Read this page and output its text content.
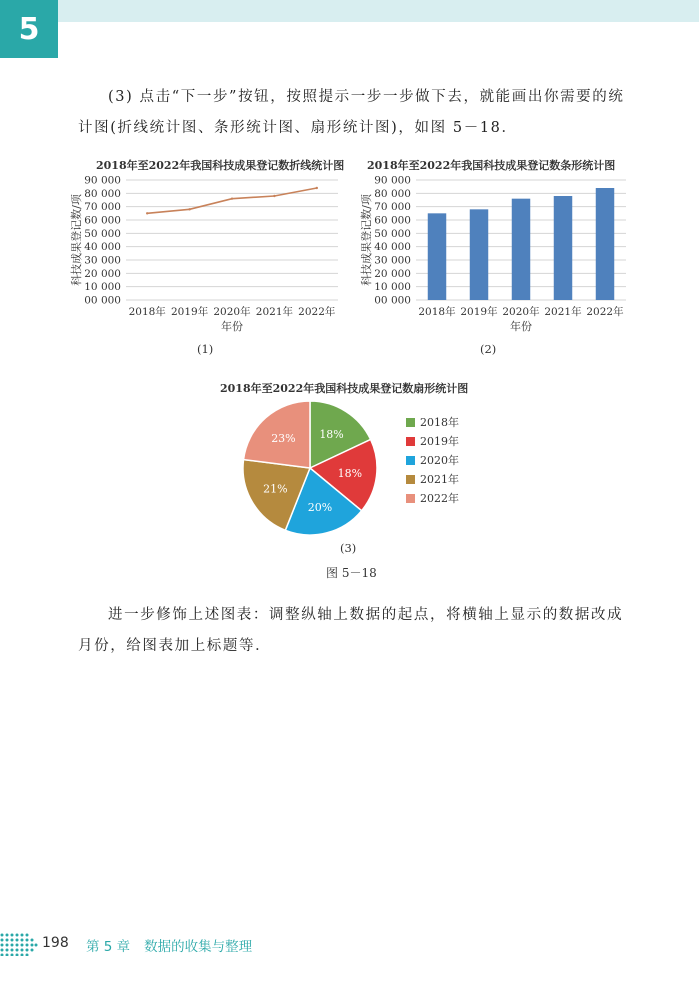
5

(3) 点击“下一步”按钮，按照提示一步一步做下去，就能画出你需要的统计图(折线统计图、条形统计图、扇形统计图)，如图 5－18．

2018年至2022年我国科技成果登记数折线统计图
00 000
10 000
20 000
30 000
40 000
50 000
60 000
70 000
80 000
90 000
2018年 2019年 2020年 2021年 2022年
年份
科技成果登记数/项
(1)
2018年至2022年我国科技成果登记数条形统计图
00 000
10 000
20 000
30 000
40 000
50 000
60 000
70 000
80 000
90 000
2018年 2019年 2020年 2021年 2022年
年份
科技成果登记数/项
(2)
2018年至2022年我国科技成果登记数扇形统计图
18%
18%
20%
21%
23%
2018年
2019年
2020年
2021年
2022年
(3)
图 5－18

进一步修饰上述图表：调整纵轴上数据的起点，将横轴上显示的数据改成月份，给图表加上标题等．

198 第 5 章 数据的收集与整理
